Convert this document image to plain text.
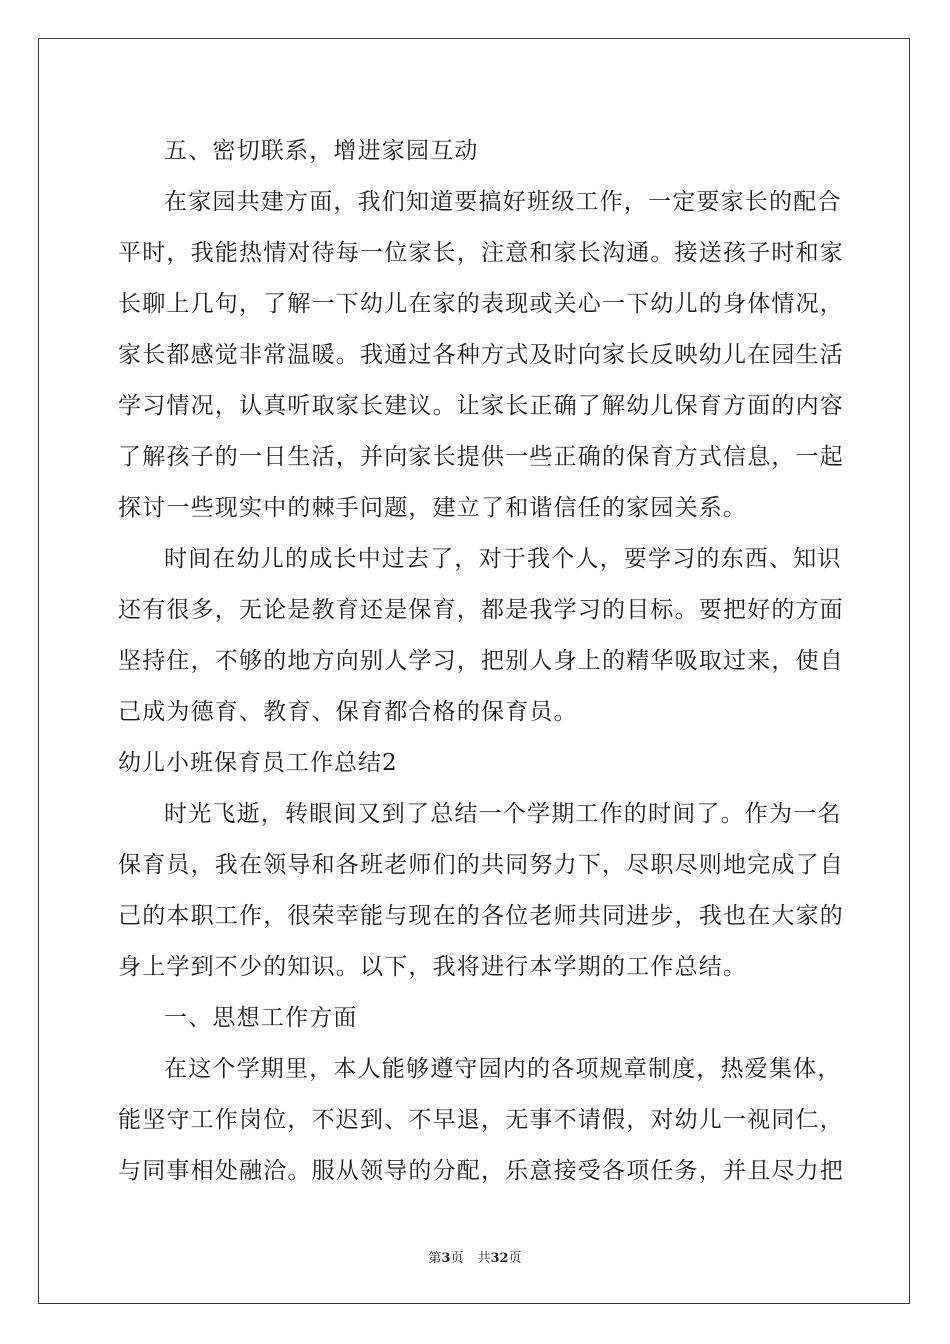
五、密切联系，增进家园互动
在家园共建方面，我们知道要搞好班级工作，一定要家长的配合
平时，我能热情对待每一位家长，注意和家长沟通。接送孩子时和家
长聊上几句，了解一下幼儿在家的表现或关心一下幼儿的身体情况，
家长都感觉非常温暖。我通过各种方式及时向家长反映幼儿在园生活
学习情况，认真听取家长建议。让家长正确了解幼儿保育方面的内容
了解孩子的一日生活，并向家长提供一些正确的保育方式信息，一起
探讨一些现实中的棘手问题，建立了和谐信任的家园关系。
时间在幼儿的成长中过去了，对于我个人，要学习的东西、知识
还有很多，无论是教育还是保育，都是我学习的目标。要把好的方面
坚持住，不够的地方向别人学习，把别人身上的精华吸取过来，使自
己成为德育、教育、保育都合格的保育员。
幼儿小班保育员工作总结2
时光飞逝，转眼间又到了总结一个学期工作的时间了。作为一名
保育员，我在领导和各班老师们的共同努力下，尽职尽则地完成了自
己的本职工作，很荣幸能与现在的各位老师共同进步，我也在大家的
身上学到不少的知识。以下，我将进行本学期的工作总结。
一、思想工作方面
在这个学期里，本人能够遵守园内的各项规章制度，热爱集体，
能坚守工作岗位，不迟到、不早退，无事不请假，对幼儿一视同仁，
与同事相处融洽。服从领导的分配，乐意接受各项任务，并且尽力把
第3页 共32页
